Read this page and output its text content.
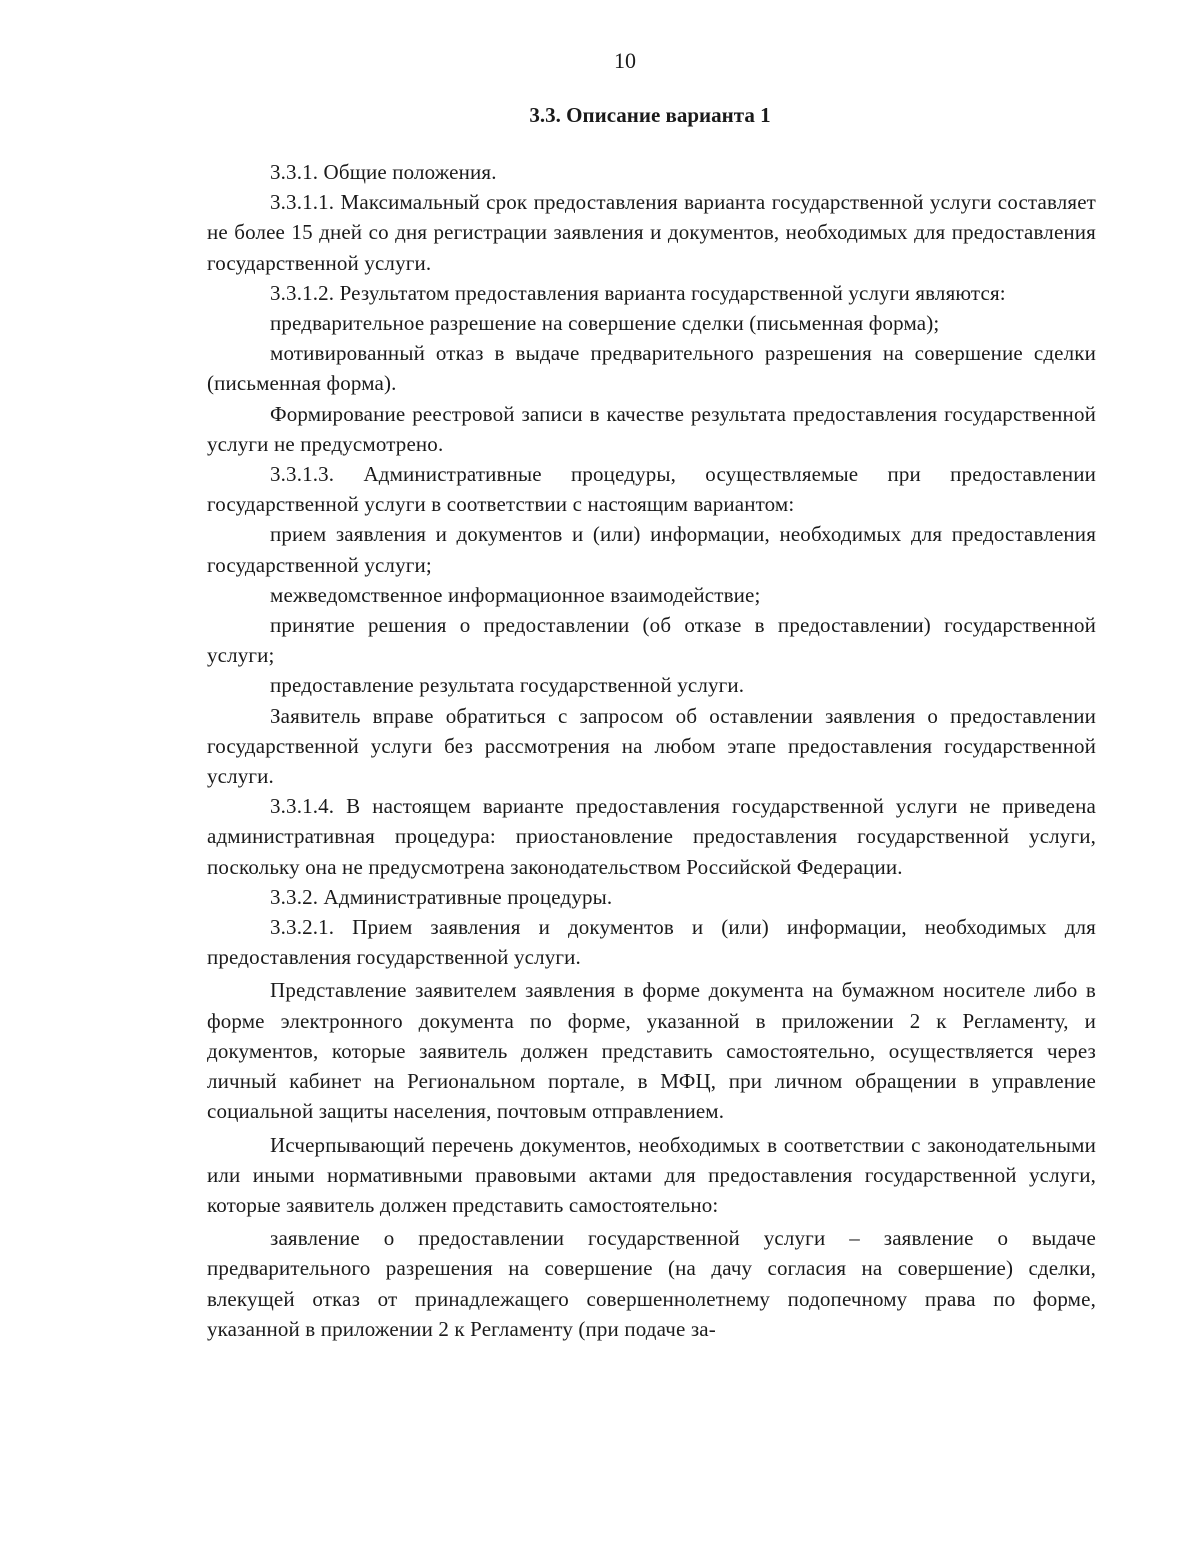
10
3.3. Описание варианта 1

3.3.1. Общие положения.

3.3.1.1. Максимальный срок предоставления варианта государственной услуги составляет не более 15 дней со дня регистрации заявления и документов, необходимых для предоставления государственной услуги.

3.3.1.2. Результатом предоставления варианта государственной услуги являются:

предварительное разрешение на совершение сделки (письменная форма);

мотивированный отказ в выдаче предварительного разрешения на совершение сделки (письменная форма).

Формирование реестровой записи в качестве результата предоставления государственной услуги не предусмотрено.

3.3.1.3. Административные процедуры, осуществляемые при предоставлении государственной услуги в соответствии с настоящим вариантом:

прием заявления и документов и (или) информации, необходимых для предоставления государственной услуги;

межведомственное информационное взаимодействие;

принятие решения о предоставлении (об отказе в предоставлении) государственной услуги;

предоставление результата государственной услуги.

Заявитель вправе обратиться с запросом об оставлении заявления о предоставлении государственной услуги без рассмотрения на любом этапе предоставления государственной услуги.

3.3.1.4. В настоящем варианте предоставления государственной услуги не приведена административная процедура: приостановление предоставления государственной услуги, поскольку она не предусмотрена законодательством Российской Федерации.

3.3.2. Административные процедуры.

3.3.2.1. Прием заявления и документов и (или) информации, необходимых для предоставления государственной услуги.

Представление заявителем заявления в форме документа на бумажном носителе либо в форме электронного документа по форме, указанной в приложении 2 к Регламенту, и документов, которые заявитель должен представить самостоятельно, осуществляется через личный кабинет на Региональном портале, в МФЦ, при личном обращении в управление социальной защиты населения, почтовым отправлением.

Исчерпывающий перечень документов, необходимых в соответствии с законодательными или иными нормативными правовыми актами для предоставления государственной услуги, которые заявитель должен представить самостоятельно:

заявление о предоставлении государственной услуги – заявление о выдаче предварительного разрешения на совершение (на дачу согласия на совершение) сделки, влекущей отказ от принадлежащего совершеннолетнему подопечному права по форме, указанной в приложении 2 к Регламенту (при подаче за-
